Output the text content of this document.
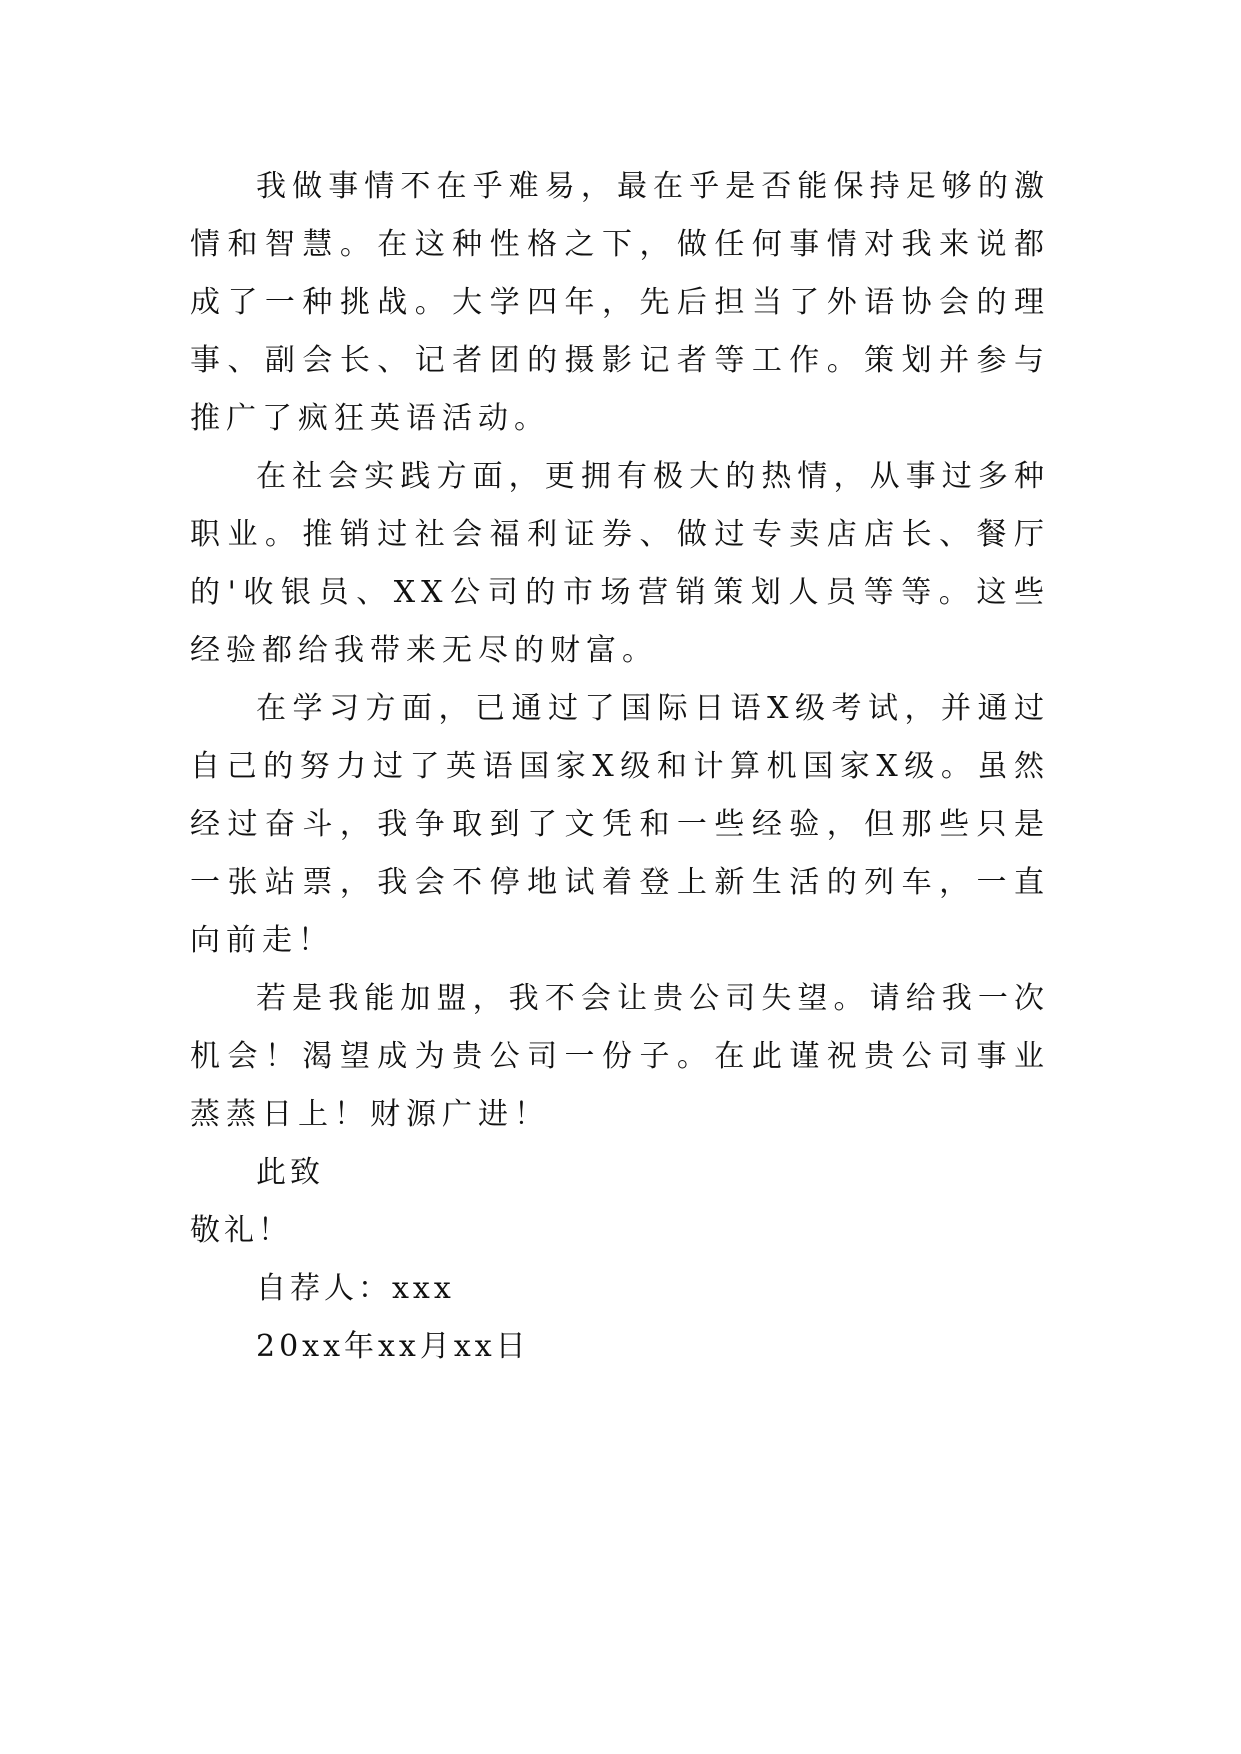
我做事情不在乎难易，最在乎是否能保持足够的激情和智慧。在这种性格之下，做任何事情对我来说都成了一种挑战。大学四年，先后担当了外语协会的理事、副会长、记者团的摄影记者等工作。策划并参与推广了疯狂英语活动。

在社会实践方面，更拥有极大的热情，从事过多种职业。推销过社会福利证券、做过专卖店店长、餐厅的'收银员、XX公司的市场营销策划人员等等。这些经验都给我带来无尽的财富。

在学习方面，已通过了国际日语X级考试，并通过自己的努力过了英语国家X级和计算机国家X级。虽然经过奋斗，我争取到了文凭和一些经验，但那些只是一张站票，我会不停地试着登上新生活的列车，一直向前走！

若是我能加盟，我不会让贵公司失望。请给我一次机会！渴望成为贵公司一份子。在此谨祝贵公司事业蒸蒸日上！财源广进！

此致

敬礼！

自荐人：xxx

20xx年xx月xx日
